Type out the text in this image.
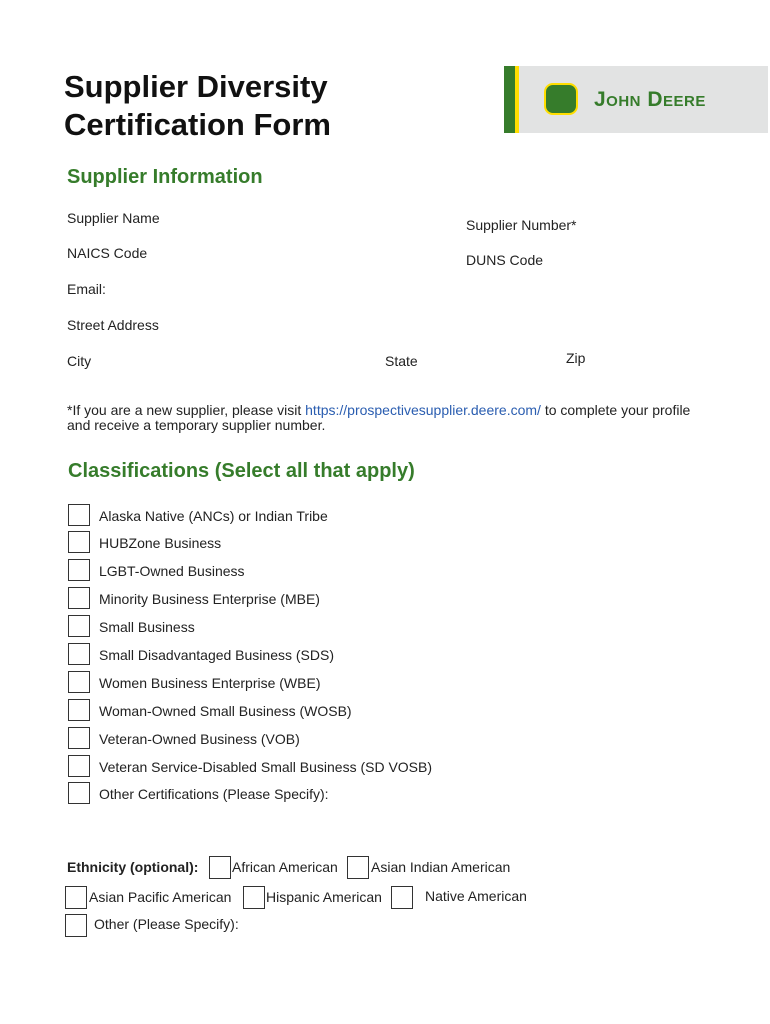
Supplier Diversity Certification Form
John Deere
Supplier Information
Supplier Name	Supplier Number*
NAICS Code	DUNS Code
Email:
Street Address
City	State	Zip
*If you are a new supplier, please visit https://prospectivesupplier.deere.com/ to complete your profile
and receive a temporary supplier number.
Classifications (Select all that apply)
Alaska Native (ANCs) or Indian Tribe
HUBZone Business
LGBT-Owned Business
Minority Business Enterprise (MBE)
Small Business
Small Disadvantaged Business (SDS)
Women Business Enterprise (WBE)
Woman-Owned Small Business (WOSB)
Veteran-Owned Business (VOB)
Veteran Service-Disabled Small Business (SD VOSB)
Other Certifications (Please Specify):
Ethnicity (optional): African American Asian Indian American
Asian Pacific American Hispanic American	Native American
Other (Please Specify):
